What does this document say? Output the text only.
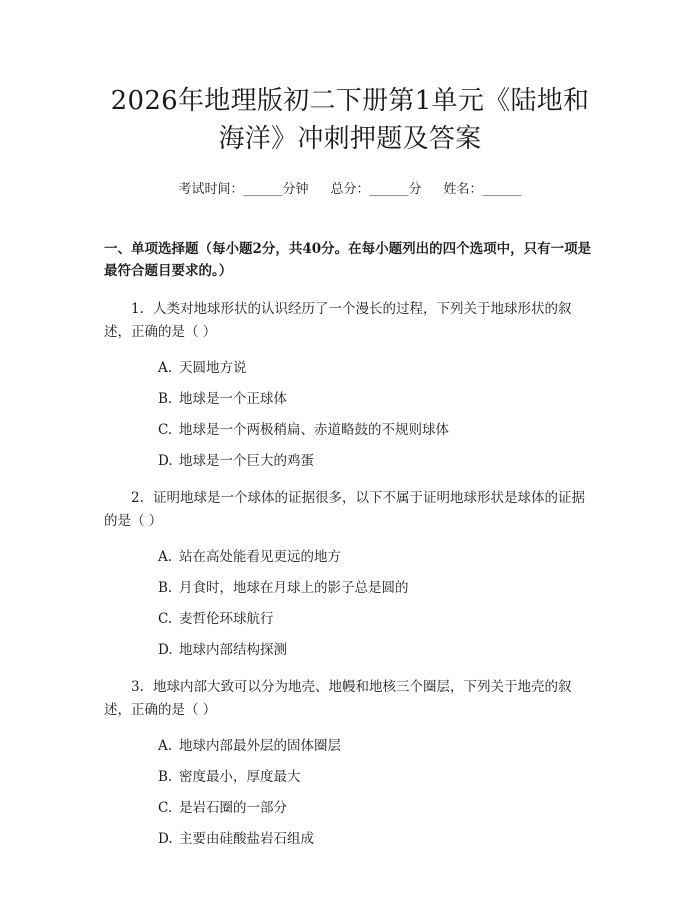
2026年地理版初二下册第1单元《陆地和海洋》冲刺押题及答案
考试时间：______分钟 总分：______分 姓名：______
一、单项选择题（每小题2分，共40分。在每小题列出的四个选项中，只有一项是最符合题目要求的。）
1. 人类对地球形状的认识经历了一个漫长的过程，下列关于地球形状的叙述，正确的是（ ）
A. 天圆地方说
B. 地球是一个正球体
C. 地球是一个两极稍扁、赤道略鼓的不规则球体
D. 地球是一个巨大的鸡蛋
2. 证明地球是一个球体的证据很多，以下不属于证明地球形状是球体的证据的是（ ）
A. 站在高处能看见更远的地方
B. 月食时，地球在月球上的影子总是圆的
C. 麦哲伦环球航行
D. 地球内部结构探测
3. 地球内部大致可以分为地壳、地幔和地核三个圈层，下列关于地壳的叙述，正确的是（ ）
A. 地球内部最外层的固体圈层
B. 密度最小，厚度最大
C. 是岩石圈的一部分
D. 主要由硅酸盐岩石组成
